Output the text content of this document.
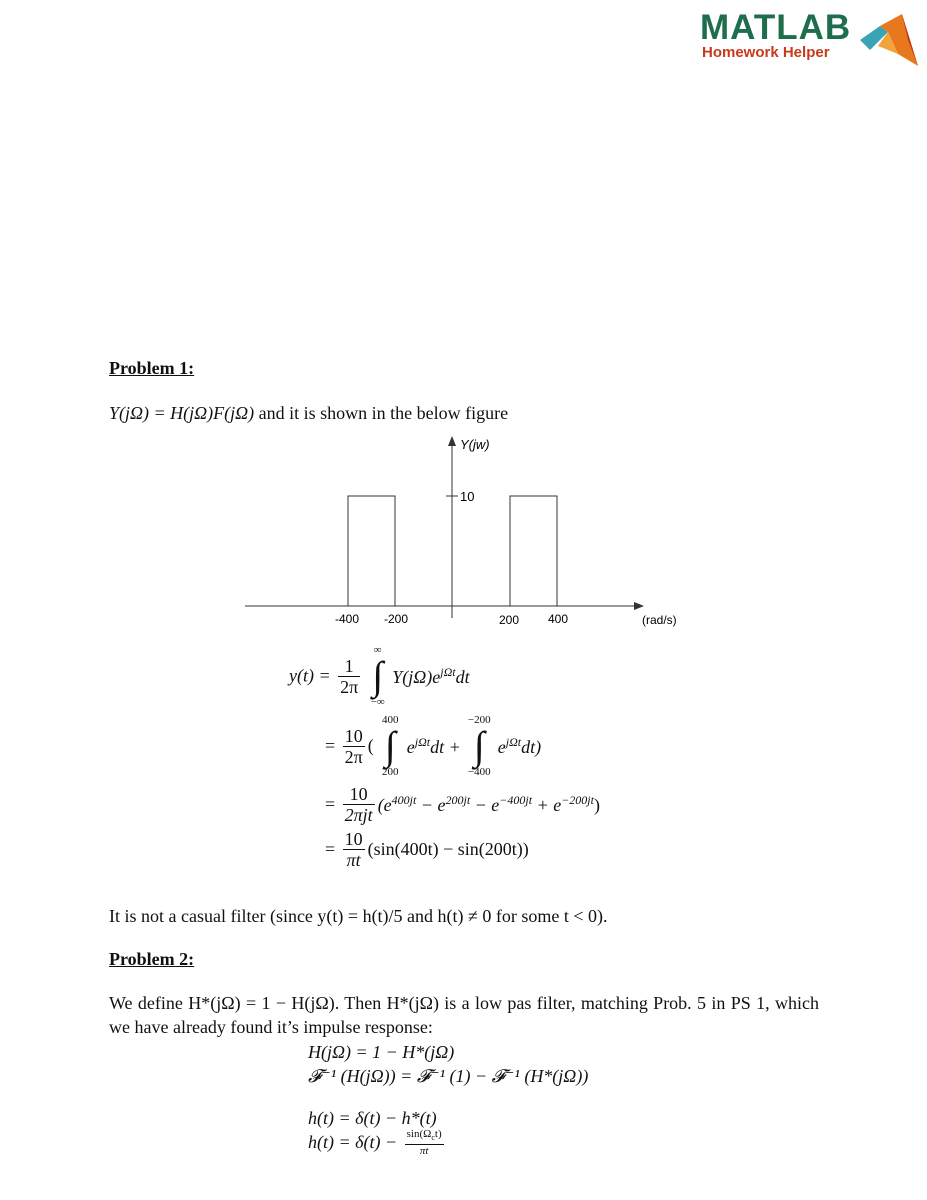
MATLAB
Homework Helper
Problem 1:
Y(jΩ) = H(jΩ)F(jΩ) and it is shown in the below figure
10
Y(jw)
-400 -200	200 400	(rad/s)
$y(t) = \frac{1}{2\pi}$

∞
∫
−∞
$Y(j\Omega)e^{j\Omega t}dt$
= $\frac{10}{2\pi}$ (
400
∫
200
$e^{j\Omega t}dt$ +
−200
∫
−400
$e^{j\Omega t}dt$)
= $\frac{10}{\text{2πjt}} (e^{400jt} - e^{200jt} - e^{-400jt} + e^{-200jt})$
= $\frac{10}{\pi t} (\sin(400t) - \sin(200t))$
It is not a casual filter (since y(t) = h(t)/5 and h(t) ≠ 0 for some t < 0).
Problem 2:
We define H*(jΩ) = 1 − H(jΩ). Then H*(jΩ) is a low pas filter, matching Prob. 5 in PS 1, which we have already found it’s impulse response:
H(jΩ) = 1 − H*(jΩ)
𝓕⁻¹ (H(jΩ)) = 𝓕⁻¹ (1) − 𝓕⁻¹ (H*(jΩ))
h(t) = δ(t) − h*(t)
$h(t) = \delta(t) - \frac{\sin(\Omega_ct)}{\pi t}$
